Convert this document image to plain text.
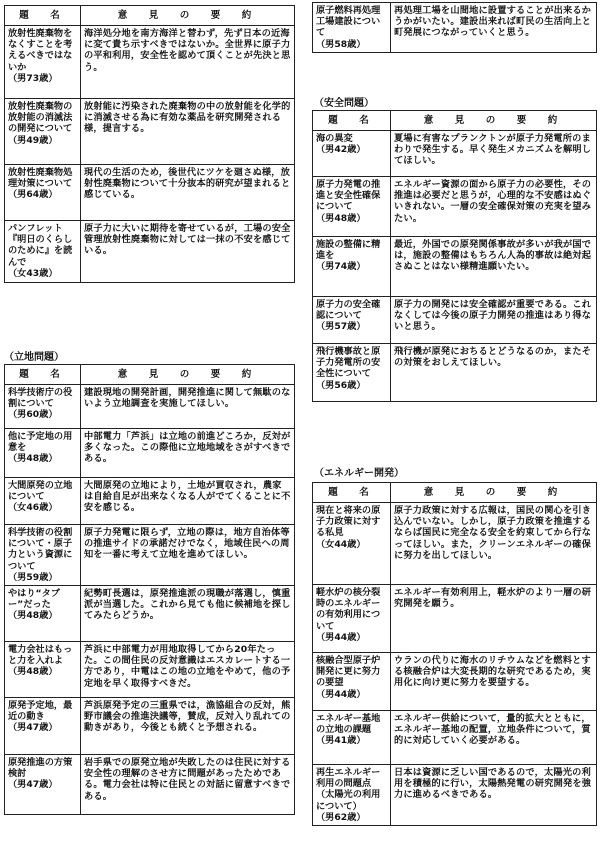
題　名	意　見　の　要　約
放射性廃棄物をなくすことを考えるべきではないか
（男73歳）	海洋処分地を南方海洋と替わず，先ず日本の近海に変て貴ち示すべきではないか。全世界に原子力の平和利用，安全性を認めて頂くことが先決と思う。
放射性廃棄物の放射能の消滅法の開発について
（男49歳）	放射能に汚染された廃棄物の中の放射能を化学的に消滅させる為に有効な薬品を研究開発される様，提言する。
放射性廃棄物処理対策について
（男64歳）	現代の生活のため，後世代にツケを廻さぬ様，放射性廃棄物について十分抜本的研究が望まれると感じている。
パンフレット『明日のくらしのために』を読んで
（女43歳）	原子力に大いに期待を寄せているが，工場の安全管理放射性廃棄物に対しては一抹の不安を感じている。
（立地問題）
題　名	意　見　の　要　約
科学技術庁の役割について
（男60歳）	建設現地の開発計画，開発推進に関して無駄のないよう立地調査を実施してほしい。
他に予定地の用意を
（男48歳）	中部電力「芦浜」は立地の前進どころか，反対が多くなった。この際他に立地地域をさがすべきである。
大間原発の立地について
（女46歳）	大間原発の立地により，土地が買収され，農家は自給自足が出来なくなる人がでてくることに不安を感じる。
科学技術の役割について・原子力という資源について
（男59歳）	原子力発電に限らず，立地の際は，地方自治体等の推進サイドの承諾だけでなく，地域住民への周知を一番に考えて立地を進めてほしい。
やはり“タブー”だった
（男48歳）	紀勢町長選は，原発推進派の現職が落選し，慎重派が当選した。これから見ても他に候補地を探してみたらどうか。
電力会社はもっと力を入れよ
（男48歳）	芦浜に中部電力が用地取得してから20年たった。この間住民の反対意識はエスカレートする一方であり，中電はこの地の立地をやめて，他の予定地を早く取得すべきだ。
原発予定地，最近の動き
（男47歳）	芦浜原発予定の三重県では，漁協組合の反対，熊野市議会の推進決議等，賛成，反対入り乱れての動きがあり，今後とも続くと予想される。
原発推進の方策検討
（男47歳）	岩手県での原発立地が失敗したのは住民に対する安全性の理解のさせ方に問題があったためである。電力会社は特に住民との対話に留意すべきである。
原子燃料再処理工場建設について
（男58歳）
	再処理工場を山間地に設置することが出来るかうかがいたい。建設出来れば町民の生活向上と町発展につながっていくと思う。
（安全問題）
題　名	意　見　の　要　約
海の異変
（男42歳）	夏場に有害なプランクトンが原子力発電所のまわりで発生する。早く発生メカニズムを解明してほしい。
原子力発電の推進と安全性確保について
（男48歳）	エネルギー資源の面から原子力の必要性，その推進は必要だと思うが，心理的な不安感はぬぐいきれない。一層の安全確保対策の充実を望みたい。
施設の整備に精進を
（男74歳）	最近，外国での原発関係事故が多いが我が国では，施設の整備はもちろん人為的事故は絶対起さぬことはない様精進願いたい。
原子力の安全確認について
（男57歳）	原子力の開発には安全確認が重要である。これなくしては今後の原子力開発の推進はあり得ないと思う。
飛行機事故と原子力発電所の安全性について
（男56歳）	飛行機が原発におちるとどうなるのか，またその対策をおしえてほしい。
（エネルギー開発）
題　名	意　見　の　要　約
現在と将来の原子力政策に対する私見
（女44歳）	原子力政策に対する広報は，国民の関心を引き込んでいない。しかし，原子力政策を推進するならば国民に完全なる安全を約束してから行なってほしい。また，クリーンエネルギーの確保に努力を出してほしい。
軽水炉の核分裂時のエネルギーの有効利用について
（男44歳）	エネルギー有効利用上，軽水炉のより一層の研究開発を願う。
核融合型原子炉開発に更に努力の要望
（男44歳）	ウランの代りに海水のリチウムなどを燃料とする核融合炉は大変長期的な研究であるため，実用化に向け更に努力を要望する。
エネルギー基地の立地の課題
（男41歳）	エネルギー供給について，量的拡大とともに，エネルギー基地の配置，立地条件について，質的に対応していく必要がある。
再生エネルギー利用の問題点（太陽光の利用について）
（男62歳）	日本は資源に乏しい国であるので，太陽光の利用を積極的に行い，太陽熱発電の研究開発を強力に進めるべきである。
